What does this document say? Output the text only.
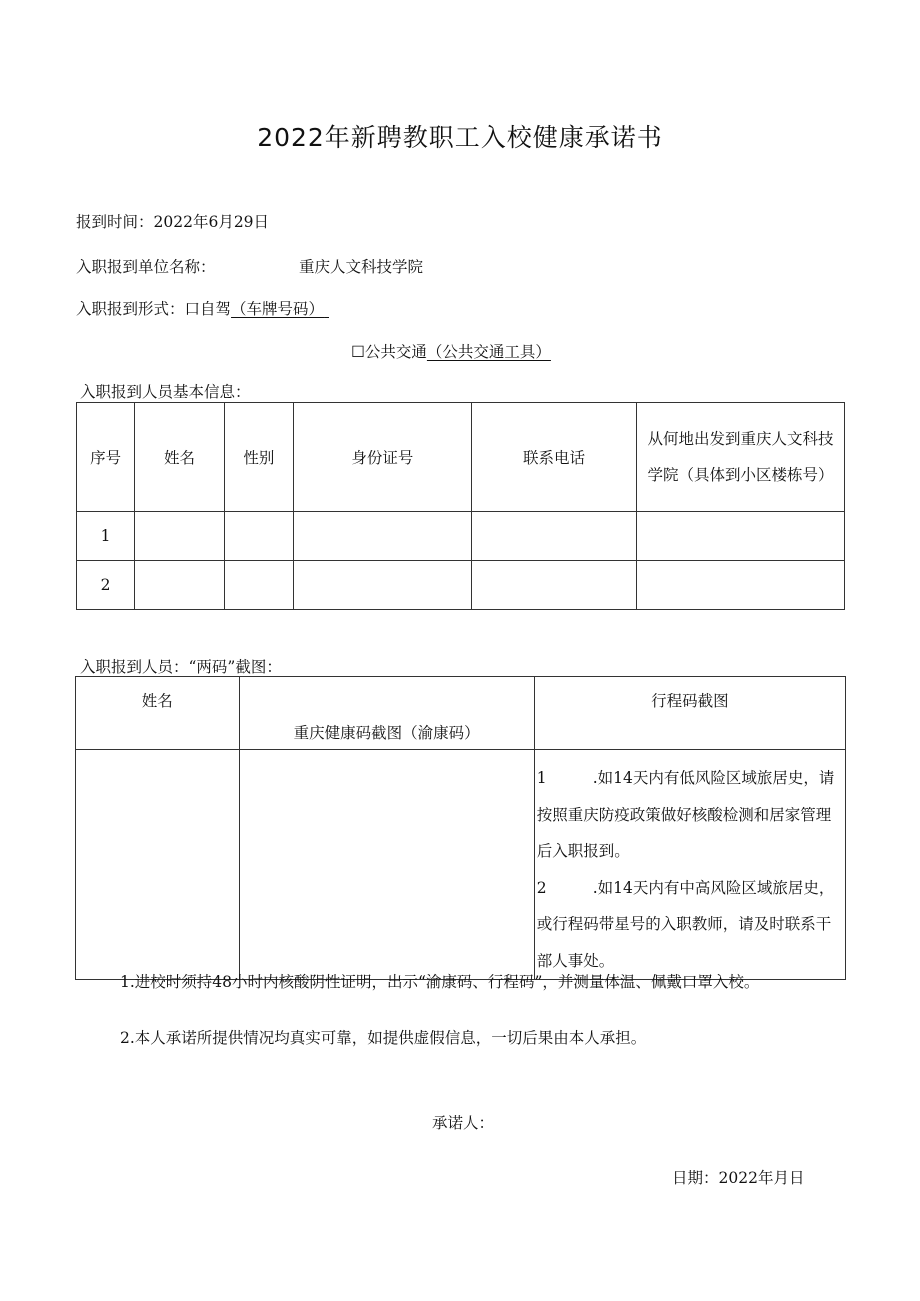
2022年新聘教职工入校健康承诺书
报到时间：2022年6月29日
入职报到单位名称：	重庆人文科技学院
入职报到形式：口自驾（车牌号码）
☐公共交通（公共交通工具）
入职报到人员基本信息：
序号	姓名	性别	身份证号	联系电话	从何地出发到重庆人文科技学院（具体到小区楼栋号）
1					
2					
入职报到人员：“两码”截图：
姓名	重庆健康码截图（渝康码）	行程码截图

		1 .如14天内有低风险区域旅居史，请按照重庆防疫政策做好核酸检测和居家管理后入职报到。
2 .如14天内有中高风险区域旅居史，或行程码带星号的入职教师，请及时联系干部人事处。
1.进校时须持48小时内核酸阴性证明，出示“渝康码、行程码”，并测量体温、佩戴口罩入校。
2.本人承诺所提供情况均真实可靠，如提供虚假信息，一切后果由本人承担。
承诺人：
日期：2022年月日
